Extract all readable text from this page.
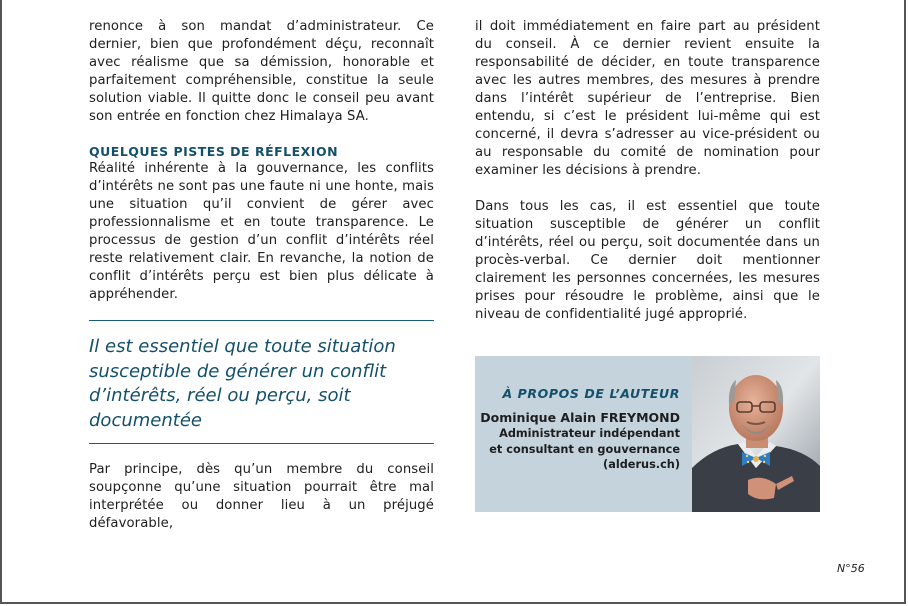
renonce à son mandat d’administrateur. Ce dernier, bien que profondément déçu, reconnaît avec réalisme que sa démission, honorable et parfaitement compréhensible, constitue la seule solution viable. Il quitte donc le conseil peu avant son entrée en fonction chez Himalaya SA.

QUELQUES PISTES DE RÉFLEXION

Réalité inhérente à la gouvernance, les conflits d’intérêts ne sont pas une faute ni une honte, mais une situation qu’il convient de gérer avec professionnalisme et en toute transparence. Le processus de gestion d’un conflit d’intérêts réel reste relativement clair. En revanche, la notion de conflit d’intérêts perçu est bien plus délicate à appréhender.

Il est essentiel que toute situation susceptible de générer un conflit d’intérêts, réel ou perçu, soit documentée

Par principe, dès qu’un membre du conseil soupçonne qu’une situation pourrait être mal interprétée ou donner lieu à un préjugé défavorable,

il doit immédiatement en faire part au président du conseil. À ce dernier revient ensuite la responsabilité de décider, en toute transparence avec les autres membres, des mesures à prendre dans l’intérêt supérieur de l’entreprise. Bien entendu, si c’est le président lui-même qui est concerné, il devra s’adresser au vice-président ou au responsable du comité de nomination pour examiner les décisions à prendre.

Dans tous les cas, il est essentiel que toute situation susceptible de générer un conflit d’intérêts, réel ou perçu, soit documentée dans un procès-verbal. Ce dernier doit mentionner clairement les personnes concernées, les mesures prises pour résoudre le problème, ainsi que le niveau de confidentialité jugé approprié.

À PROPOS DE L’AUTEUR
Dominique Alain FREYMOND
Administrateur indépendant
et consultant en gouvernance
(alderus.ch)
N°56
